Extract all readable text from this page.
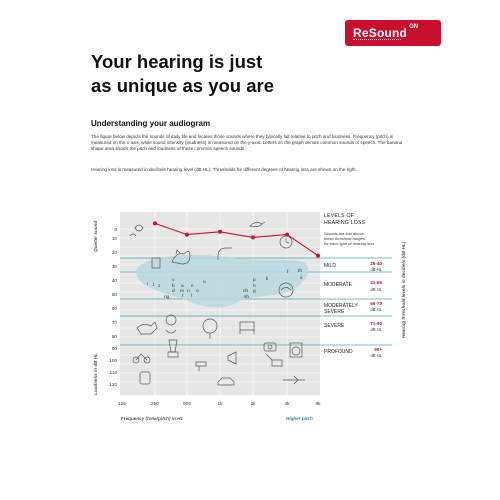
ReSound $^{GN}$
Your hearing is just
as unique as you are
Understanding your audiogram

The figure below depicts the sounds of daily life and locates those sounds where they typically fall relative to pitch and loudness. Frequency (pitch) is measured on the x-axis, while sound intensity (loudness) is measured on the y-axis. Letters on the graph denote common sounds of speech. The banana shape area shows the pitch and loudness of these common speech sounds.

Hearing loss is measured in decibels hearing level (dB HL). Thresholds for different degrees of hearing loss are shown on the right.

0
10
20
30
40
50
60
70
80
90
100
110
120
125	250	500	1k	2k	4k	8k
Quieter sound
Loudness in dB HL
Frequency (tone/pitch) in Hz	Higher pitch
Hearing threshold levels in decibels (dB HL)
LEVELS OF
HEARING LOSS
Sounds are lost above
these threshold ranges
for each type of hearing loss
MILD	25-40
dB HL
MODERATE	41-55
dB HL
MODERATELY
SEVERE
56-70
dB HL
SEVERE	71-90
dB HL
PROFOUND	90+
dB HL
v
z b
m
d	n
l
i j	e
a
u
o
r
p
h
g
k
ch
sh
f th
s
ng
